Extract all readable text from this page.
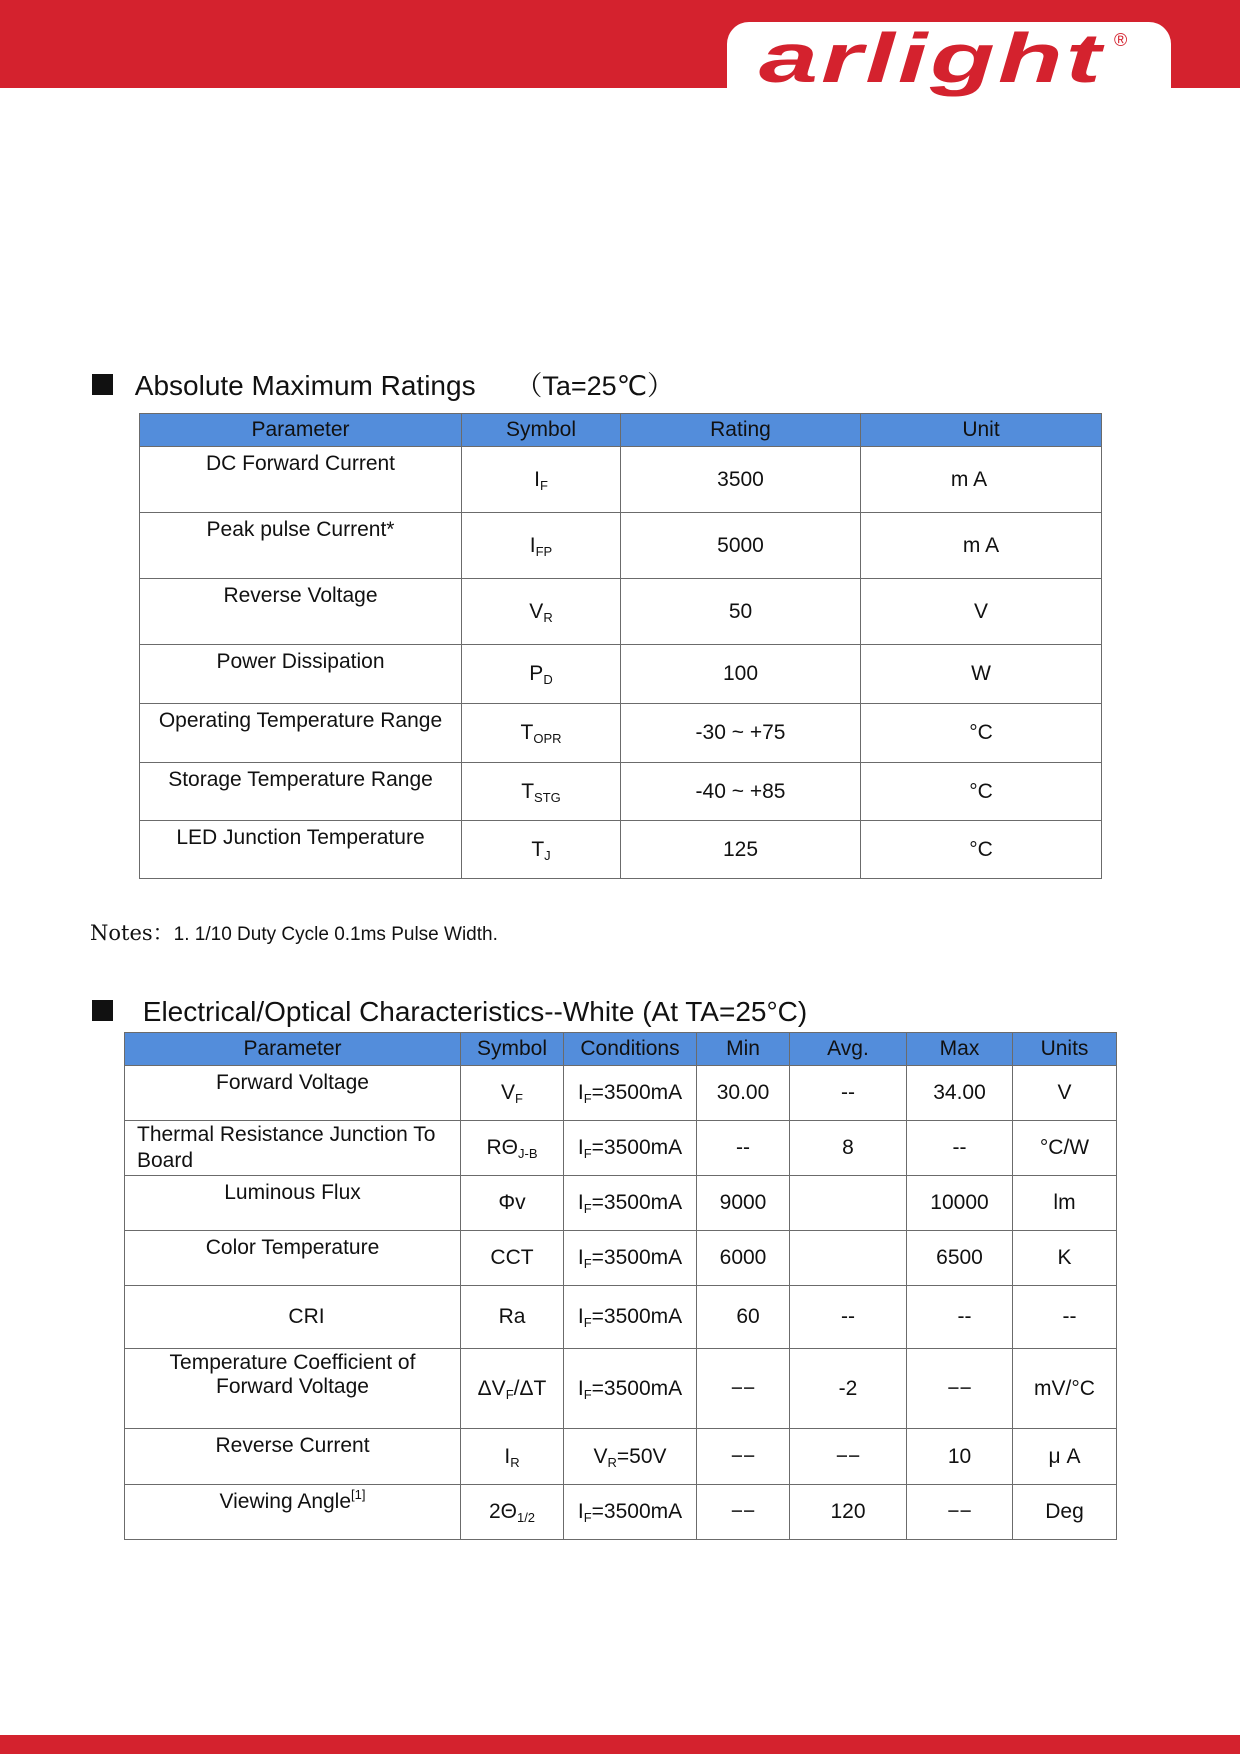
arlight ®
Absolute Maximum Ratings （Ta=25℃）
Parameter	Symbol	Rating	Unit
DC Forward Current	$I_F$	3500	m A
Peak pulse Current*	$I_{FP}$	5000	m A
Reverse Voltage	$V_R$	50	V
Power Dissipation	$P_D$	100	W
Operating Temperature Range	$T_{OPR}$	-30 ~ +75	°C
Storage Temperature Range	$T_{STG}$	-40 ~ +85	°C
LED Junction Temperature	$T_J$	125	°C
Notes：1. 1/10 Duty Cycle 0.1ms Pulse Width.
Electrical/Optical Characteristics--White (At TA=25°C)
Parameter	Symbol	Conditions	Min	Avg.	Max	Units
Forward Voltage	$V_F$	$I_F=3500mA$	30.00	--	34.00	V
Thermal Resistance Junction To Board	$R\Theta_{J-B}$	$I_F=3500mA$	--	8	--	°C/W
Luminous Flux	Φv	$I_F=3500mA$	9000		10000	lm
Color Temperature	CCT	$I_F=3500mA$	6000		6500	K
CRI	Ra	$I_F=3500mA$	60	--	--	--

Temperature Coefficient of Forward Voltage	$\Delta V_F/\Delta T$	$I_F=3500mA$	−−	-2	−−	mV/°C
Reverse Current	$I_R$	$V_R=50V$	−−	−−	10	μ A
Viewing Angle[1]	$2\Theta_{1/2}$	$I_F=3500mA$	−−	120	−−	Deg
